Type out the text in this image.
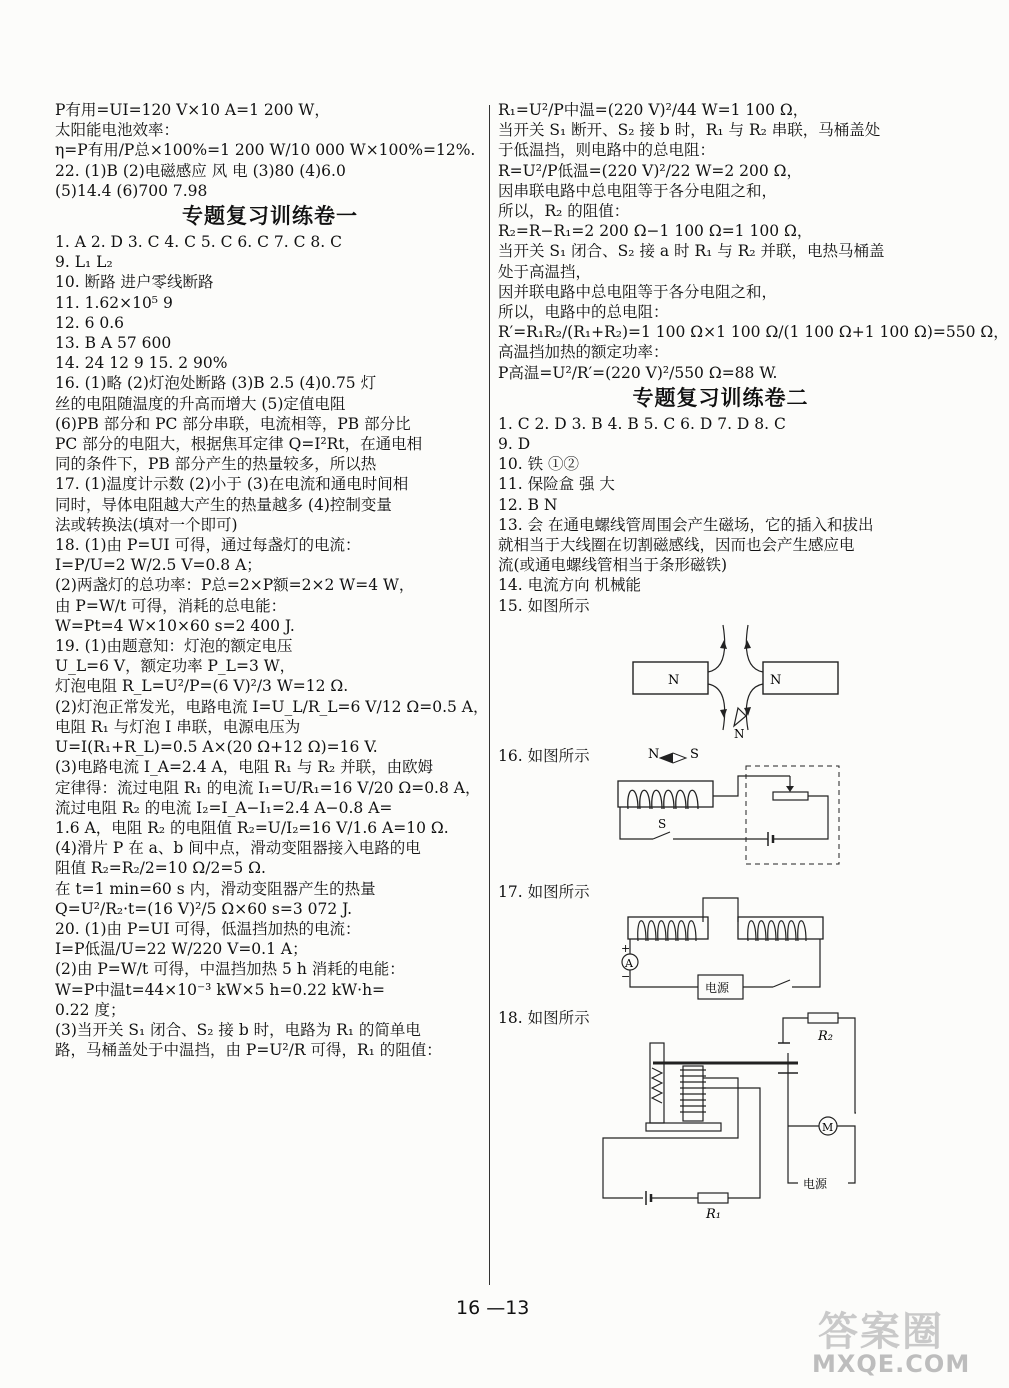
P有用=UI=120 V×10 A=1 200 W，
太阳能电池效率：
η=P有用/P总×100%=1 200 W/10 000 W×100%=12%.
22. (1)B (2)电磁感应 风 电 (3)80 (4)6.0
(5)14.4 (6)700 7.98
专题复习训练卷一
1. A 2. D 3. C 4. C 5. C 6. C 7. C 8. C
9. L₁ L₂
10. 断路 进户零线断路
11. 1.62×10⁵ 9
12. 6 0.6
13. B A 57 600
14. 24 12 9 15. 2 90%
16. (1)略 (2)灯泡处断路 (3)B 2.5 (4)0.75 灯
丝的电阻随温度的升高而增大 (5)定值电阻
(6)PB 部分和 PC 部分串联，电流相等，PB 部分比
PC 部分的电阻大，根据焦耳定律 Q=I²Rt，在通电相
同的条件下，PB 部分产生的热量较多，所以热
17. (1)温度计示数 (2)小于 (3)在电流和通电时间相
同时，导体电阻越大产生的热量越多 (4)控制变量
法或转换法(填对一个即可)
18. (1)由 P=UI 可得，通过每盏灯的电流：
I=P/U=2 W/2.5 V=0.8 A；
(2)两盏灯的总功率：P总=2×P额=2×2 W=4 W，
由 P=W/t 可得，消耗的总电能：
W=Pt=4 W×10×60 s=2 400 J.
19. (1)由题意知：灯泡的额定电压
U_L=6 V，额定功率 P_L=3 W，
灯泡电阻 R_L=U²/P=(6 V)²/3 W=12 Ω.
(2)灯泡正常发光，电路电流 I=U_L/R_L=6 V/12 Ω=0.5 A，
电阻 R₁ 与灯泡 I 串联，电源电压为
U=I(R₁+R_L)=0.5 A×(20 Ω+12 Ω)=16 V.
(3)电路电流 I_A=2.4 A，电阻 R₁ 与 R₂ 并联，由欧姆
定律得：流过电阻 R₁ 的电流 I₁=U/R₁=16 V/20 Ω=0.8 A，
流过电阻 R₂ 的电流 I₂=I_A−I₁=2.4 A−0.8 A=
1.6 A，电阻 R₂ 的电阻值 R₂=U/I₂=16 V/1.6 A=10 Ω.
(4)滑片 P 在 a、b 间中点，滑动变阻器接入电路的电
阻值 R₂=R₂/2=10 Ω/2=5 Ω.
在 t=1 min=60 s 内，滑动变阻器产生的热量
Q=U²/R₂·t=(16 V)²/5 Ω×60 s=3 072 J.
20. (1)由 P=UI 可得，低温挡加热的电流：
I=P低温/U=22 W/220 V=0.1 A；
(2)由 P=W/t 可得，中温挡加热 5 h 消耗的电能：
W=P中温t=44×10⁻³ kW×5 h=0.22 kW·h=
0.22 度；
(3)当开关 S₁ 闭合、S₂ 接 b 时，电路为 R₁ 的简单电
路，马桶盖处于中温挡，由 P=U²/R 可得，R₁ 的阻值：
R₁=U²/P中温=(220 V)²/44 W=1 100 Ω，
当开关 S₁ 断开、S₂ 接 b 时，R₁ 与 R₂ 串联，马桶盖处
于低温挡，则电路中的总电阻：
R=U²/P低温=(220 V)²/22 W=2 200 Ω，
因串联电路中总电阻等于各分电阻之和，
所以，R₂ 的阻值：
R₂=R−R₁=2 200 Ω−1 100 Ω=1 100 Ω，
当开关 S₁ 闭合、S₂ 接 a 时 R₁ 与 R₂ 并联，电热马桶盖
处于高温挡，
因并联电路中总电阻等于各分电阻之和，
所以，电路中的总电阻：
R′=R₁R₂/(R₁+R₂)=1 100 Ω×1 100 Ω/(1 100 Ω+1 100 Ω)=550 Ω，
高温挡加热的额定功率：
P高温=U²/R′=(220 V)²/550 Ω=88 W.
专题复习训练卷二
1. C 2. D 3. B 4. B 5. C 6. D 7. D 8. C
9. D
10. 铁 ①②
11. 保险盒 强 大
12. B N
13. 会 在通电螺线管周围会产生磁场，它的插入和拔出
就相当于大线圈在切割磁感线，因而也会产生感应电
流(或通电螺线管相当于条形磁铁)
14. 电流方向 机械能
15. 如图所示
N	N
N
16. 如图所示	N S
S
17. 如图所示
A
+
−
电源
18. 如图所示
R₂
R₁
M
电源
16 —13
答案圈
MXQE.COM
